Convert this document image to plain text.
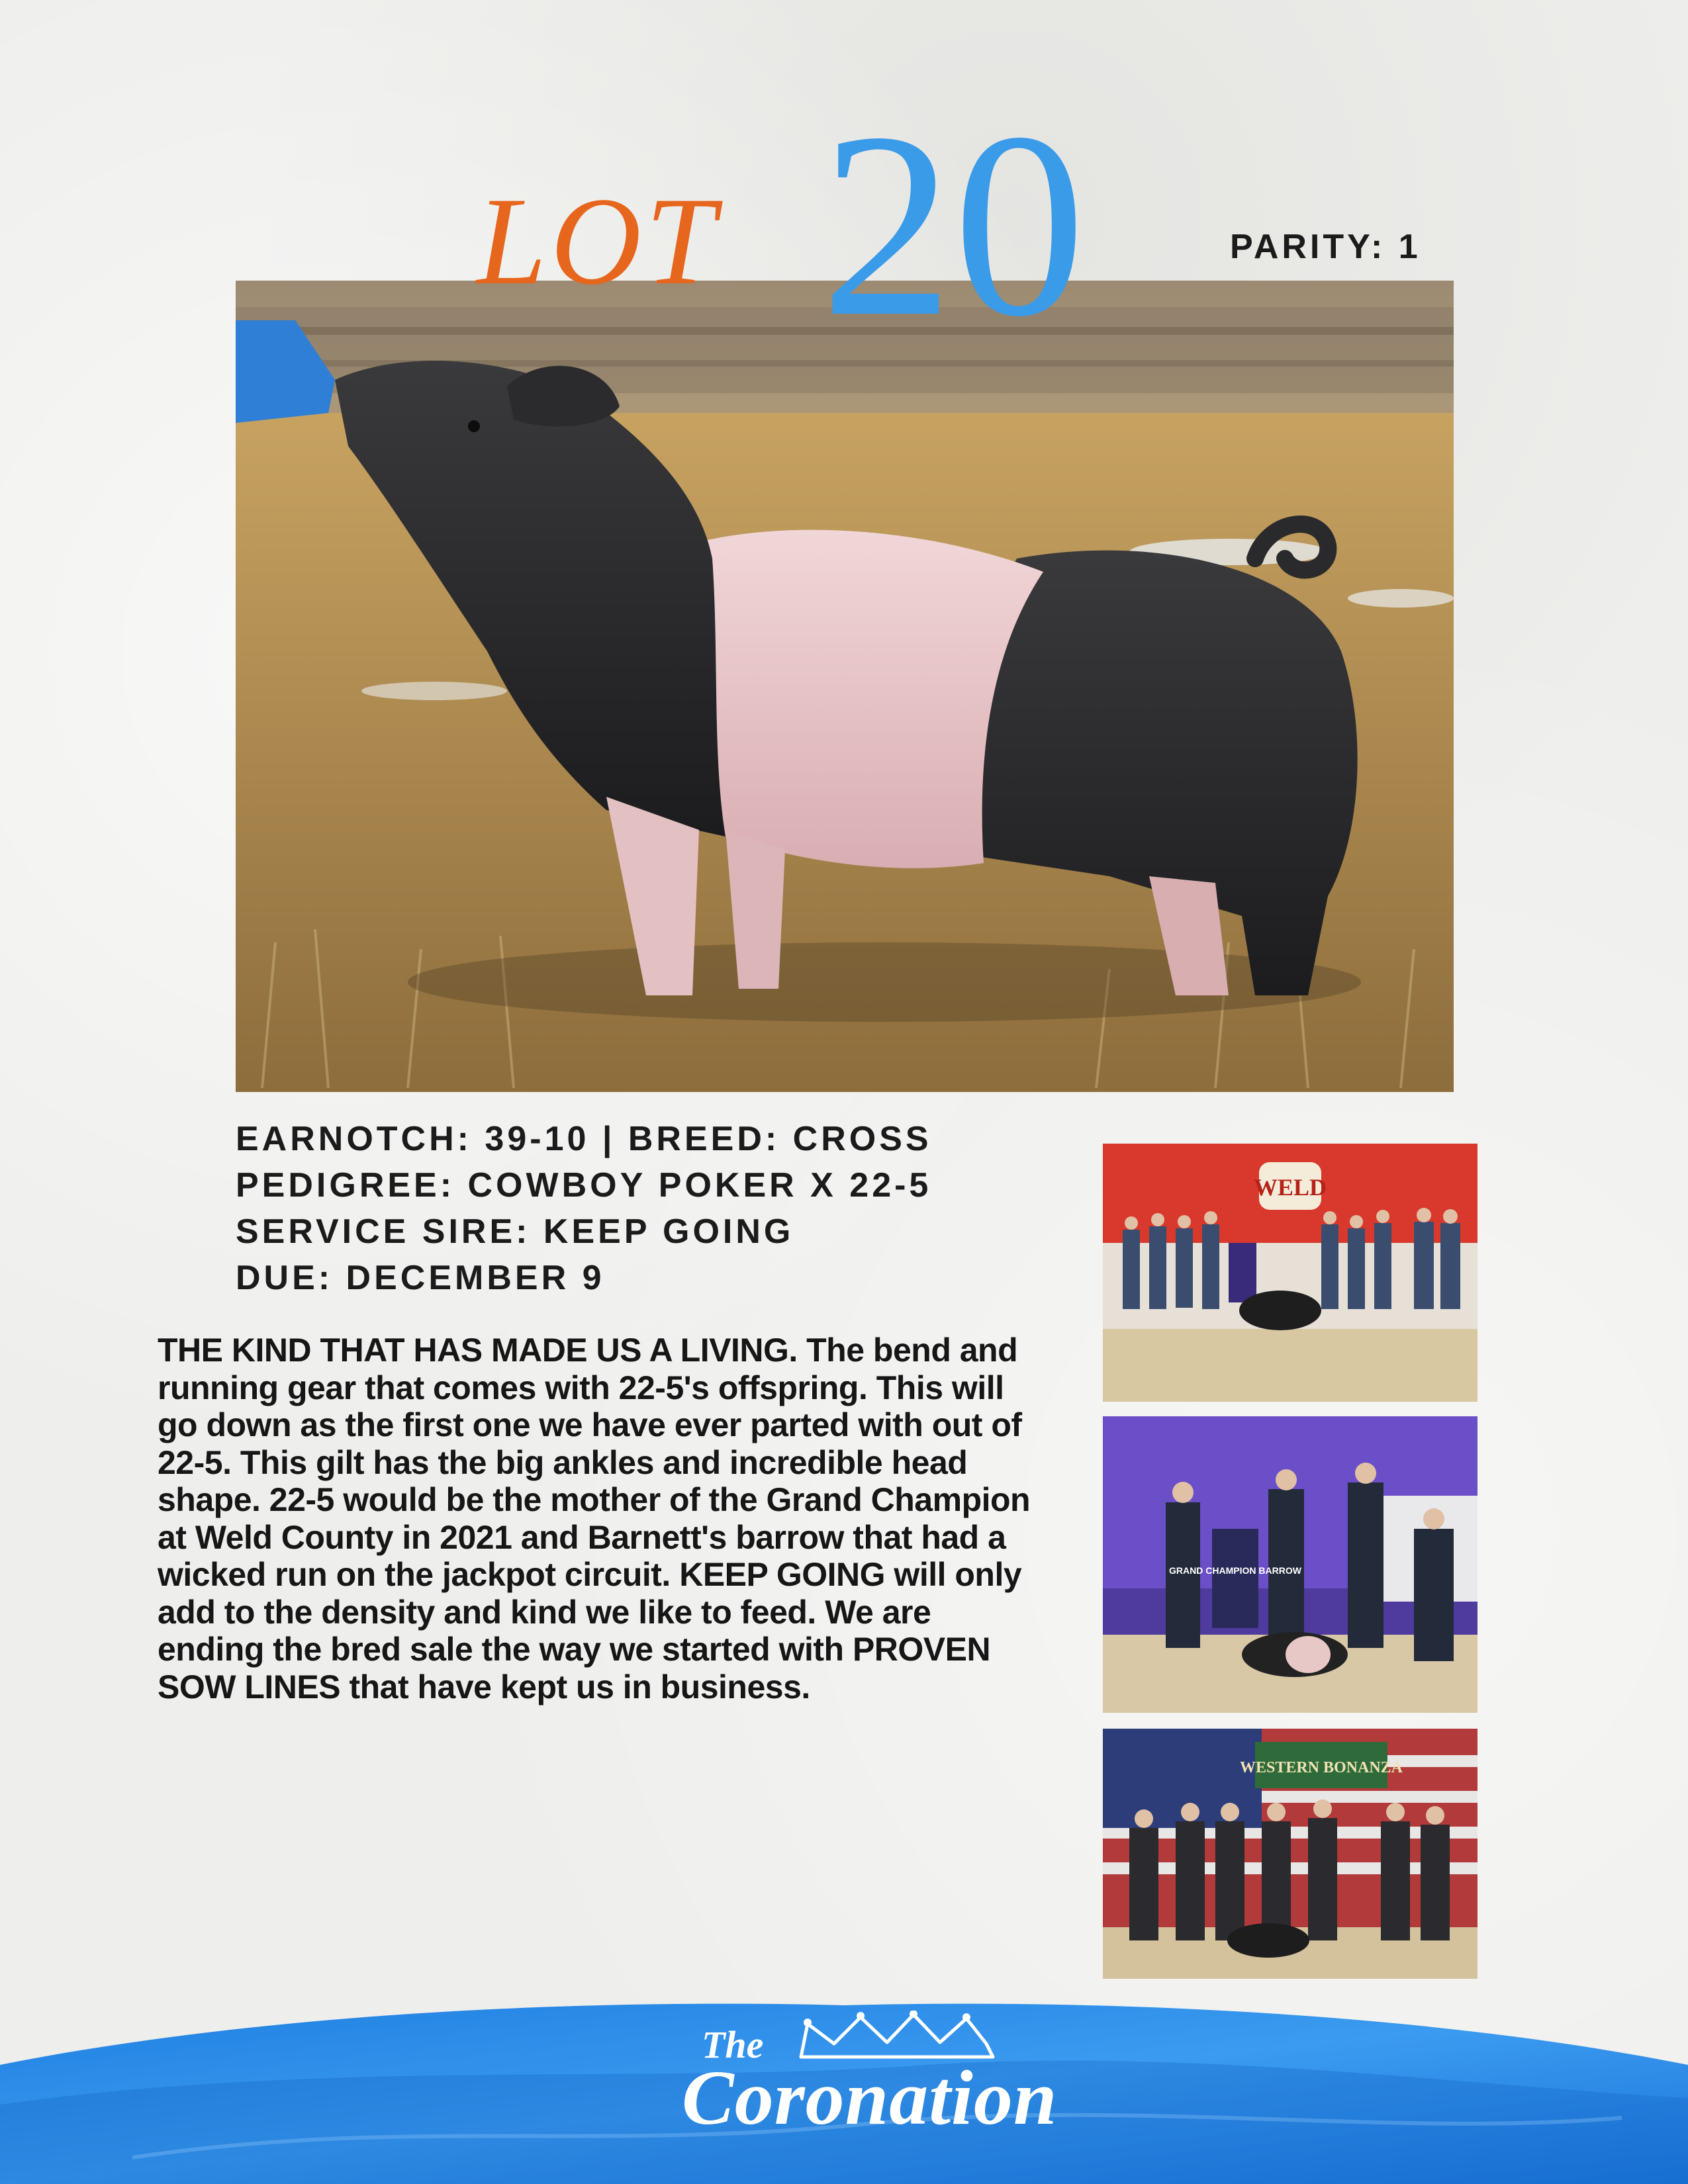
LOT 20	PARITY: 1
EARNOTCH: 39-10 | BREED: CROSS
PEDIGREE: COWBOY POKER X 22-5
SERVICE SIRE: KEEP GOING
DUE: DECEMBER 9
THE KIND THAT HAS MADE US A LIVING. The bend and running gear that comes with 22-5's offspring. This will go down as the first one we have ever parted with out of 22-5. This gilt has the big ankles and incredible head shape. 22-5 would be the mother of the Grand Champion at Weld County in 2021 and Barnett's barrow that had a wicked run on the jackpot circuit. KEEP GOING will only add to the density and kind we like to feed. We are ending the bred sale the way we started with PROVEN SOW LINES that have kept us in business.
WELD
GRAND CHAMPION BARROW
WESTERN BONANZA
The
Coronation
